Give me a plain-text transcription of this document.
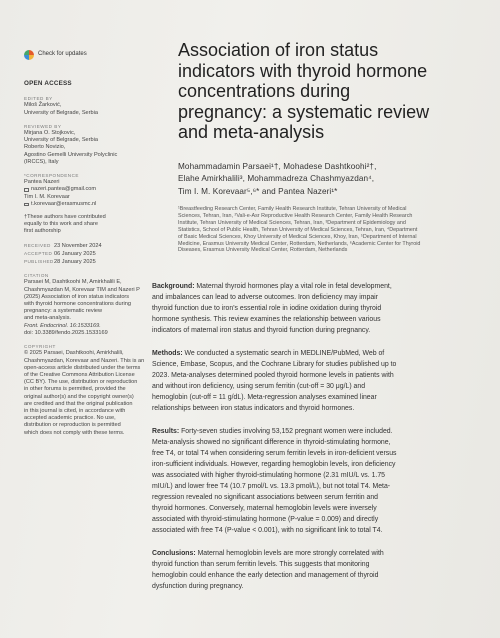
Check for updates
OPEN ACCESS
EDITED BY
Miloš Žarković,
University of Belgrade, Serbia
REVIEWED BY
Mirjana O. Stojkovic,
University of Belgrade, Serbia
Roberto Novizio,
Agostino Gemelli University Polyclinic
(IRCCS), Italy
*CORRESPONDENCE
Pantea Nazeri
nazeri.pantea@gmail.com
Tim I. M. Korevaar
t.korevaar@erasmusmc.nl
†These authors have contributed
equally to this work and share
first authorship
RECEIVED 23 November 2024
ACCEPTED 06 January 2025
PUBLISHED28 January 2025
CITATION
Parsaei M, Dashtkoohi M, Amirkhalili E,
Chashmyazdan M, Korevaar TIM and Nazeri P
(2025) Association of iron status indicators
with thyroid hormone concentrations during
pregnancy: a systematic review
and meta-analysis.
Front. Endocrinol. 16:1533169.
doi: 10.3389/fendo.2025.1533169
COPYRIGHT
© 2025 Parsaei, Dashtkoohi, Amirkhalili,
Chashmyazdan, Korevaar and Nazeri. This is an
open-access article distributed under the terms
of the Creative Commons Attribution License
(CC BY). The use, distribution or reproduction
in other forums is permitted, provided the
original author(s) and the copyright owner(s)
are credited and that the original publication
in this journal is cited, in accordance with
accepted academic practice. No use,
distribution or reproduction is permitted
which does not comply with these terms.
Association of iron status
indicators with thyroid hormone
concentrations during
pregnancy: a systematic review
and meta-analysis
Mohammadamin Parsaei¹†, Mohadese Dashtkoohi²†,
Elahe Amirkhalili³, Mohammadreza Chashmyazdan⁴,
Tim I. M. Korevaar⁵,⁶* and Pantea Nazeri¹*
¹Breastfeeding Research Center, Family Health Research Institute, Tehran University of Medical
Sciences, Tehran, Iran, ²Vali-e-Asr Reproductive Health Research Center, Family Health Research
Institute, Tehran University of Medical Sciences, Tehran, Iran, ³Department of Epidemiology and
Statistics, School of Public Health, Tehran University of Medical Sciences, Tehran, Iran, ⁴Department
of Basic Medical Sciences, Khoy University of Medical Sciences, Khoy, Iran, ⁵Department of Internal
Medicine, Erasmus University Medical Center, Rotterdam, Netherlands, ⁶Academic Center for Thyroid
Diseases, Erasmus University Medical Center, Rotterdam, Netherlands

Background: Maternal thyroid hormones play a vital role in fetal development,
and imbalances can lead to adverse outcomes. Iron deficiency may impair
thyroid function due to iron's essential role in iodine oxidation during thyroid
hormone synthesis. This review examines the relationship between various
indicators of maternal iron status and thyroid function during pregnancy.

Methods: We conducted a systematic search in MEDLINE/PubMed, Web of
Science, Embase, Scopus, and the Cochrane Library for studies published up to
2023. Meta-analyses determined pooled thyroid hormone levels in patients with
and without iron deficiency, using serum ferritin (cut-off = 30 μg/L) and
hemoglobin (cut-off = 11 g/dL). Meta-regression analyses examined linear
relationships between iron status indicators and thyroid hormones.

Results: Forty-seven studies involving 53,152 pregnant women were included.
Meta-analysis showed no significant difference in thyroid-stimulating hormone,
free T4, or total T4 when considering serum ferritin levels in iron-deficient versus
iron-sufficient individuals. However, regarding hemoglobin levels, iron deficiency
was associated with higher thyroid-stimulating hormone (2.31 mIU/L vs. 1.75
mIU/L) and lower free T4 (10.7 pmol/L vs. 13.3 pmol/L), but not total T4. Meta-
regression revealed no significant associations between serum ferritin and
thyroid hormones. Conversely, maternal hemoglobin levels were inversely
associated with thyroid-stimulating hormone (P-value = 0.009) and directly
associated with free T4 (P-value < 0.001), with no significant link to total T4.

Conclusions: Maternal hemoglobin levels are more strongly correlated with
thyroid function than serum ferritin levels. This suggests that monitoring
hemoglobin could enhance the early detection and management of thyroid
dysfunction during pregnancy.
